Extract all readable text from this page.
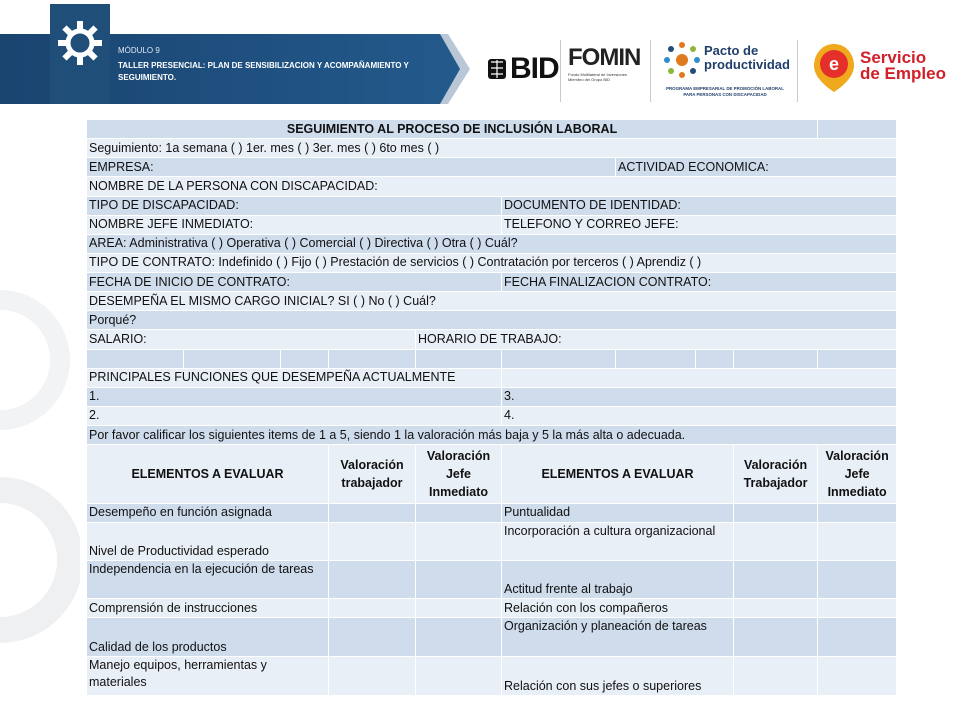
MÓDULO 9
TALLER PRESENCIAL: PLAN DE SENSIBILIZACION Y ACOMPAÑAMIENTO Y SEGUIMIENTO.	BID FOMIN
Fondo Multilateral de Inversiones Miembro del Grupo BID
Pacto de
productividad
PROGRAMA EMPRESARIAL DE PROMOCIÓN LABORAL PARA PERSONAS CON DISCAPACIDAD
e Servicio
de Empleo
SEGUIMIENTO AL PROCESO DE INCLUSIÓN LABORAL									
Seguimiento: 1a semana ( ) 1er. mes ( ) 3er. mes ( ) 6to mes ( )									
EMPRESA:						ACTIVIDAD ECONOMICA:			
NOMBRE DE LA PERSONA CON DISCAPACIDAD:									
TIPO DE DISCAPACIDAD:					DOCUMENTO DE IDENTIDAD:				
NOMBRE JEFE INMEDIATO:					TELEFONO Y CORREO JEFE:				
AREA: Administrativa ( ) Operativa ( ) Comercial ( ) Directiva ( ) Otra ( ) Cuál?									
TIPO DE CONTRATO: Indefinido ( ) Fijo ( ) Prestación de servicios ( ) Contratación por terceros ( ) Aprendiz ( )									
FECHA DE INICIO DE CONTRATO:					FECHA FINALIZACION CONTRATO:				
DESEMPEÑA EL MISMO CARGO INICIAL? SI ( ) No ( ) Cuál?									
Porqué?									
SALARIO:				HORARIO DE TRABAJO:					

PRINCIPALES FUNCIONES QUE DESEMPEÑA ACTUALMENTE									
1.					3.				
2.					4.				
Por favor calificar los siguientes items de 1 a 5, siendo 1 la valoración más baja y 5 la más alta o adecuada.									
ELEMENTOS A EVALUAR			Valoración trabajador	Valoración Jefe Inmediato	ELEMENTOS A EVALUAR			Valoración Trabajador	Valoración Jefe Inmediato
Desempeño en función asignada					Puntualidad				
Nivel de Productividad esperado					Incorporación a cultura organizacional				
Independencia en la ejecución de tareas					Actitud frente al trabajo				
Comprensión de instrucciones					Relación con los compañeros				
Calidad de los productos					Organización y planeación de tareas				
Manejo equipos, herramientas y materiales					Relación con sus jefes o superiores				
